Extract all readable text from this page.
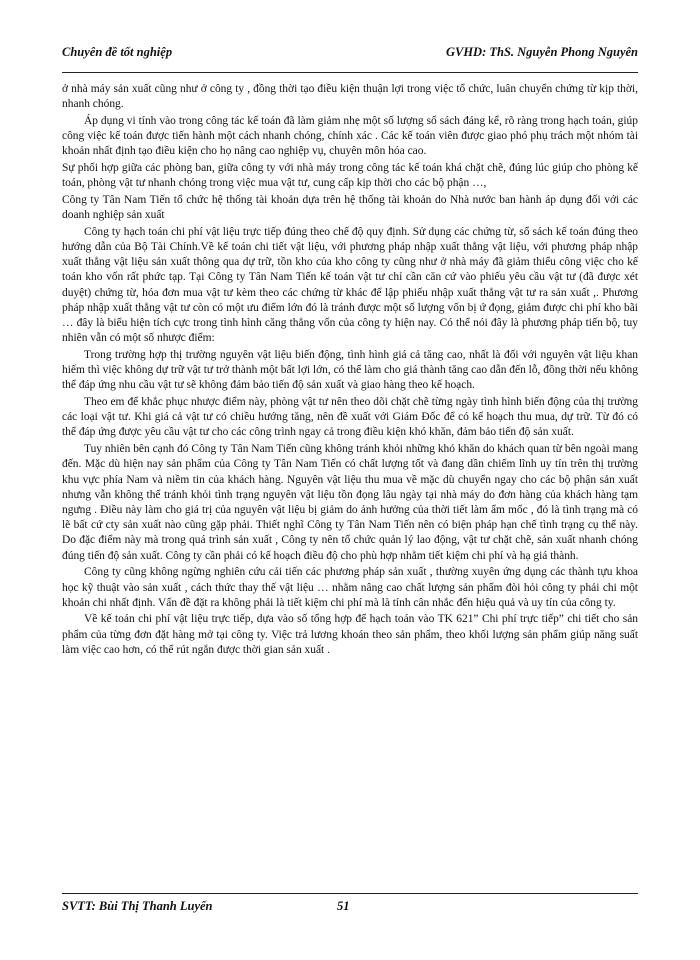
Chuyên đề tốt nghiệp	GVHD: ThS. Nguyễn Phong Nguyên

ở nhà máy sản xuất cũng như ở công ty , đồng thời tạo điều kiện thuận lợi trong việc tổ chức, luân chuyển chứng từ kịp thời, nhanh chóng.

Áp dụng vi tính vào trong công tác kế toán đã làm giảm nhẹ một số lượng sổ sách đáng kể, rõ ràng trong hạch toán, giúp công việc kế toán được tiến hành một cách nhanh chóng, chính xác . Các kế toán viên được giao phó phụ trách một nhóm tài khoản nhất định tạo điều kiện cho họ nâng cao nghiệp vụ, chuyên môn hóa cao.

Sự phối hợp giữa các phòng ban, giữa công ty với nhà máy trong công tác kế toán khá chặt chẽ, đúng lúc giúp cho phòng kế toán, phòng vật tư nhanh chóng trong việc mua vật tư, cung cấp kịp thời cho các bộ phận …,

Công ty Tân Nam Tiến tổ chức hệ thống tài khoản dựa trên hệ thống tài khoản do Nhà nước ban hành áp dụng đối với các doanh nghiệp sản xuất

Công ty hạch toán chi phí vật liệu trực tiếp đúng theo chế độ quy định. Sử dụng các chứng từ, sổ sách kế toán đúng theo hướng dẫn của Bộ Tài Chính.Về kế toán chi tiết vật liệu, với phương pháp nhập xuất thẳng vật liệu, với phương pháp nhập xuất thẳng vật liệu sản xuất thông qua dự trữ, tồn kho của kho công ty cũng như ở nhà máy đã giảm thiểu công việc cho kế toán kho vốn rất phức tạp. Tại Công ty Tân Nam Tiến kế toán vật tư chỉ cần căn cứ vào phiếu yêu cầu vật tư (đã được xét duyệt) chứng từ, hóa đơn mua vật tư kèm theo các chứng từ khác để lập phiếu nhập xuất thẳng vật tư ra sản xuất ,. Phương pháp nhập xuất thẳng vật tư còn có một ưu điểm lớn đó là tránh được một số lượng vốn bị ứ đọng, giảm được chi phí kho bãi … đây là biểu hiện tích cực trong tình hình căng thẳng vốn của công ty hiện nay. Có thể nói đây là phương pháp tiến bộ, tuy nhiên vẫn có một số nhược điểm:

Trong trường hợp thị trường nguyên vật liệu biến động, tình hình giá cả tăng cao, nhất là đối với nguyên vật liệu khan hiếm thì việc không dự trữ vật tư trở thành một bất lợi lớn, có thể làm cho giá thành tăng cao dẫn đến lỗ, đồng thời nếu không thể đáp ứng nhu cầu vật tư sẽ không đảm bảo tiến độ sản xuất và giao hàng theo kế hoạch.

Theo em để khắc phục nhược điểm này, phòng vật tư nên theo dõi chặt chẽ từng ngày tình hình biến động của thị trường các loại vật tư. Khi giá cả vật tư có chiều hướng tăng, nên đề xuất với Giám Đốc để có kế hoạch thu mua, dự trữ. Từ đó có thể đáp ứng được yêu cầu vật tư cho các công trình ngay cả trong điều kiện khó khăn, đảm bảo tiến độ sản xuất.

Tuy nhiên bên cạnh đó Công ty Tân Nam Tiến cũng không tránh khỏi những khó khăn do khách quan từ bên ngoài mang đến. Mặc dù hiện nay sản phẩm của Công ty Tân Nam Tiến có chất lượng tốt và đang dần chiếm lĩnh uy tín trên thị trường khu vực phía Nam và niềm tin của khách hàng. Nguyên vật liệu thu mua về mặc dù chuyển ngay cho các bộ phận sản xuất nhưng vẫn không thể tránh khỏi tình trạng nguyên vật liệu tồn đọng lâu ngày tại nhà máy do đơn hàng của khách hàng tạm ngưng . Điều này làm cho giá trị của nguyên vật liệu bị giảm do ảnh hưởng của thời tiết làm ẩm mốc , đó là tình trạng mà có lẽ bất cứ cty sản xuất nào cũng gặp phải. Thiết nghĩ Công ty Tân Nam Tiến nên có biện pháp hạn chế tình trạng cụ thể này. Do đặc điểm này mà trong quá trình sản xuất , Công ty nên tổ chức quản lý lao động, vật tư chặt chẽ, sản xuất nhanh chóng đúng tiến độ sản xuất. Công ty cần phải có kế hoạch điều độ cho phù hợp nhằm tiết kiệm chi phí và hạ giá thành.

Công ty cũng không ngừng nghiên cứu cải tiến các phương pháp sản xuất , thường xuyên ứng dụng các thành tựu khoa học kỹ thuật vào sản xuất , cách thức thay thế vật liệu … nhằm nâng cao chất lượng sản phẩm đòi hỏi công ty phải chi một khoản chi nhất định. Vấn đề đặt ra không phải là tiết kiệm chi phí mà là tính cân nhắc đến hiệu quả và uy tín của công ty.

Về kế toán chi phí vật liệu trực tiếp, dựa vào số tổng hợp để hạch toán vào TK 621” Chi phí trực tiếp” chi tiết cho sản phẩm của từng đơn đặt hàng mở tại công ty. Việc trả lương khoán theo sản phẩm, theo khối lượng sản phẩm giúp năng suất làm việc cao hơn, có thể rút ngắn được thời gian sản xuất .

SVTT: Bùi Thị Thanh Luyến	51
